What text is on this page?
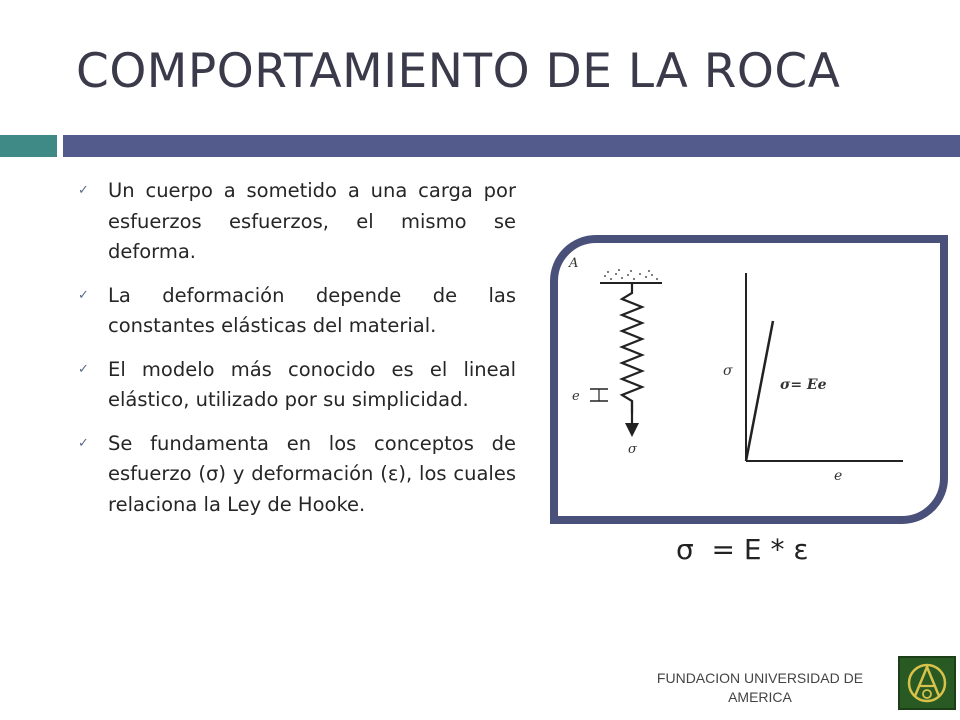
COMPORTAMIENTO DE LA ROCA
✓ Un cuerpo a sometido a una carga por esfuerzos esfuerzos, el mismo se deforma.
✓ La deformación depende de las constantes elásticas del material.
✓ El modelo más conocido es el lineal elástico, utilizado por su simplicidad.
✓ Se fundamenta en los conceptos de esfuerzo (σ) y deformación (ε), los cuales relaciona la Ley de Hooke.
A
σ
e
σ
σ= Ee
e
σ  = E * ε
FUNDACION UNIVERSIDAD DE AMERICA
